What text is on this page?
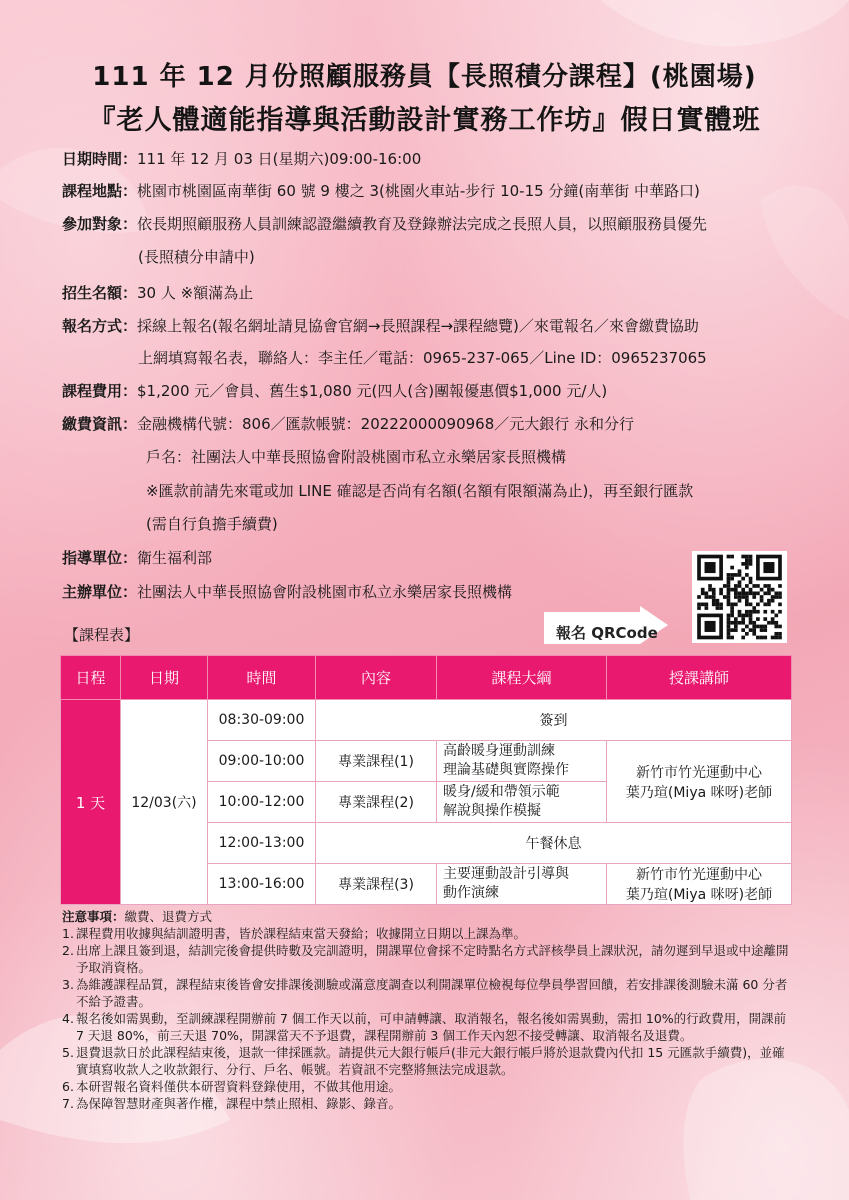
111 年 12 月份照顧服務員【長照積分課程】(桃園場)
『老人體適能指導與活動設計實務工作坊』假日實體班
日期時間：111 年 12 月 03 日(星期六)09:00-16:00
課程地點：桃園市桃園區南華街 60 號 9 樓之 3(桃園火車站-步行 10-15 分鐘(南華街 中華路口)
參加對象：依長期照顧服務人員訓練認證繼續教育及登錄辦法完成之長照人員，以照顧服務員優先
(長照積分申請中)
招生名額：30 人 ※額滿為止
報名方式：採線上報名(報名網址請見協會官網→長照課程→課程總覽)／來電報名／來會繳費協助
上網填寫報名表，聯絡人：李主任／電話：0965-237-065／Line ID：0965237065
課程費用：$1,200 元／會員、舊生$1,080 元(四人(含)團報優惠價$1,000 元/人)
繳費資訊：金融機構代號：806／匯款帳號：20222000090968／元大銀行 永和分行
戶名：社團法人中華長照協會附設桃園市私立永樂居家長照機構
※匯款前請先來電或加 LINE 確認是否尚有名額(名額有限額滿為止)，再至銀行匯款
(需自行負擔手續費)
指導單位：衛生福利部
主辦單位：社團法人中華長照協會附設桃園市私立永樂居家長照機構
報名 QRCode
【課程表】
日程	日期	時間	內容	課程大綱	授課講師
1 天	12/03(六)	08:30-09:00	簽到		
		09:00-10:00	專業課程(1)	高齡暖身運動訓練
理論基礎與實際操作	新竹市竹光運動中心
葉乃瑄(Miya 咪呀)老師
		10:00-12:00	專業課程(2)	暖身/緩和帶領示範
解說與操作模擬	
		12:00-13:00	午餐休息		
		13:00-16:00	專業課程(3)	主要運動設計引導與
動作演練	新竹市竹光運動中心
葉乃瑄(Miya 咪呀)老師
注意事項：繳費、退費方式
1. 課程費用收據與結訓證明書，皆於課程結束當天發給；收據開立日期以上課為準。
2. 出席上課且簽到退，結訓完後會提供時數及完訓證明，開課單位會採不定時點名方式評核學員上課狀況，請勿遲到早退或中途離開予取消資格。
3. 為維護課程品質，課程結束後皆會安排課後測驗或滿意度調查以利開課單位檢視每位學員學習回饋，若安排課後測驗未滿 60 分者不給予證書。
4. 報名後如需異動，至訓練課程開辦前 7 個工作天以前，可申請轉讓、取消報名，報名後如需異動，需扣 10%的行政費用，開課前 7 天退 80%，前三天退 70%，開課當天不予退費，課程開辦前 3 個工作天內恕不接受轉讓、取消報名及退費。
5. 退費退款日於此課程結束後，退款一律採匯款。請提供元大銀行帳戶(非元大銀行帳戶將於退款費內代扣 15 元匯款手續費)，並確實填寫收款人之收款銀行、分行、戶名、帳號。若資訊不完整將無法完成退款。
6. 本研習報名資料僅供本研習資料登錄使用，不做其他用途。
7. 為保障智慧財產與著作權，課程中禁止照相、錄影、錄音。
